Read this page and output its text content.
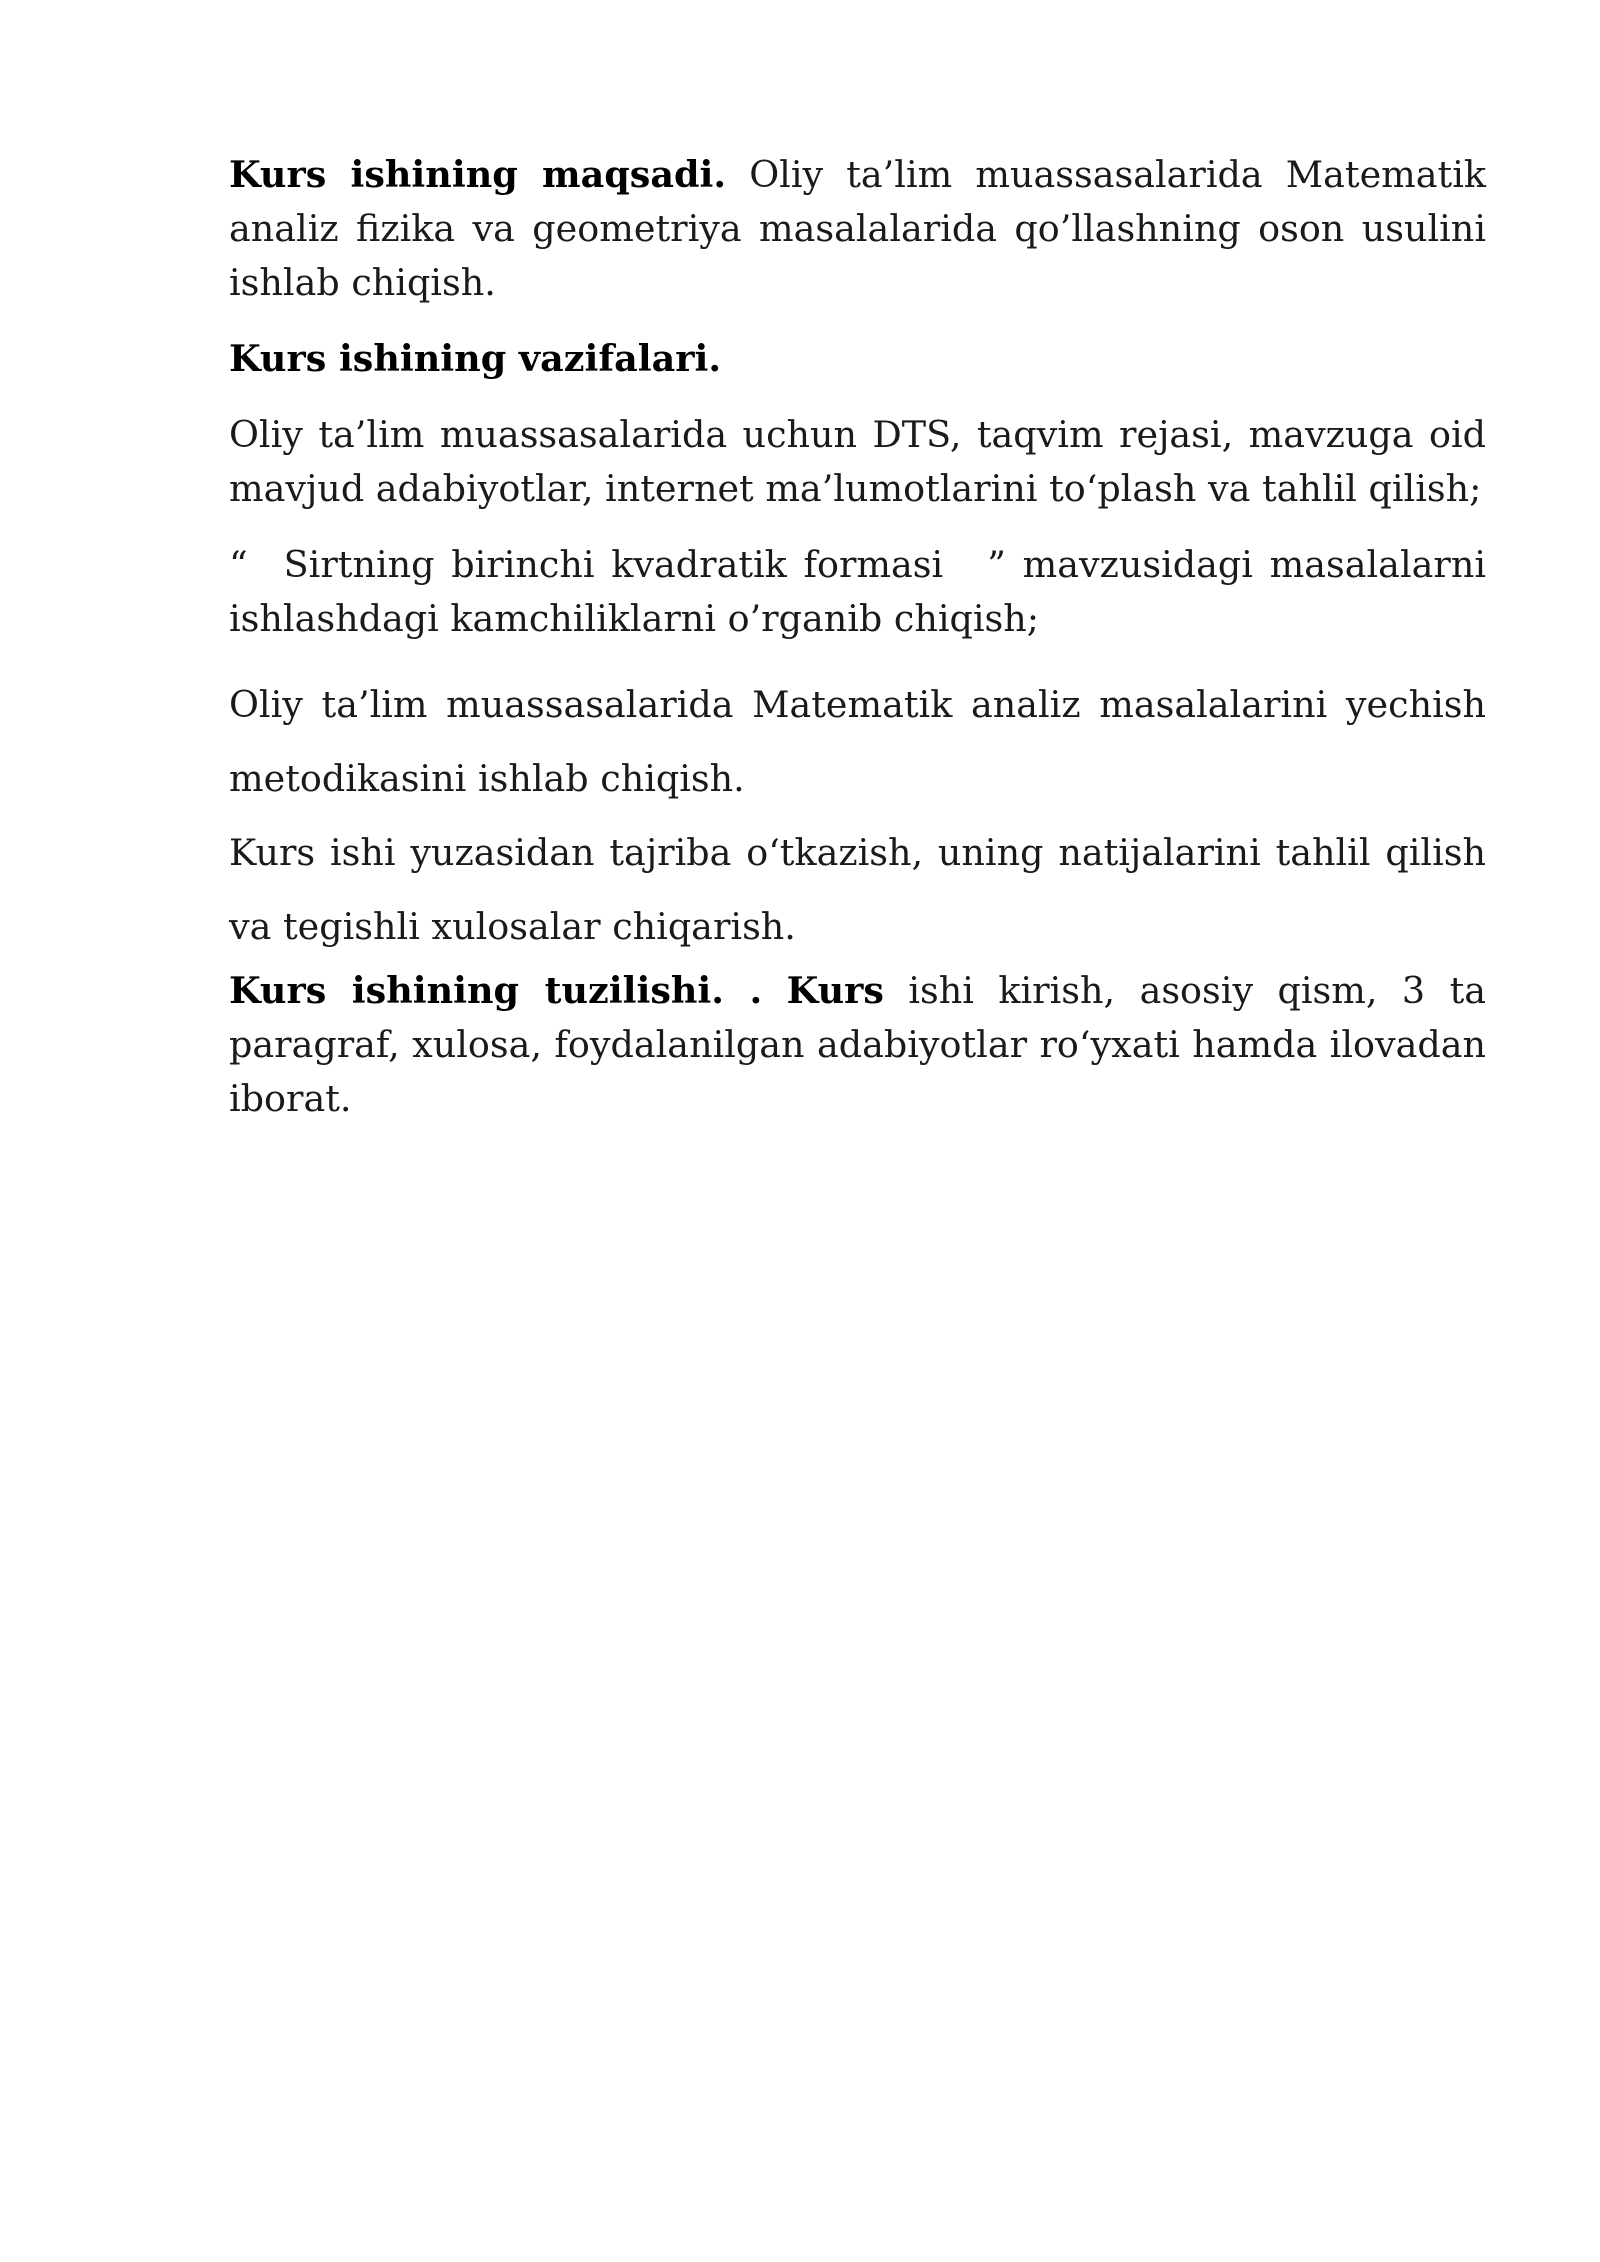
Kurs ishining maqsadi. Oliy ta’lim muassasalarida Matematik analiz fizika va geometriya masalalarida qo’llashning oson usulini ishlab chiqish.

Kurs ishining vazifalari.

Oliy ta’lim muassasalarida uchun DTS, taqvim rejasi, mavzuga oid mavjud adabiyotlar, internet ma’lumotlarini to‘plash va tahlil qilish;

“ Sirtning birinchi kvadratik formasi ” mavzusidagi masalalarni ishlashdagi kamchiliklarni o’rganib chiqish;

Oliy ta’lim muassasalarida Matematik analiz masalalarini yechish metodikasini ishlab chiqish.

Kurs ishi yuzasidan tajriba o‘tkazish, uning natijalarini tahlil qilish va tegishli xulosalar chiqarish.

Kurs ishining tuzilishi. . Kurs ishi kirish, asosiy qism, 3 ta paragraf, xulosa, foydalanilgan adabiyotlar ro‘yxati hamda ilovadan iborat.
